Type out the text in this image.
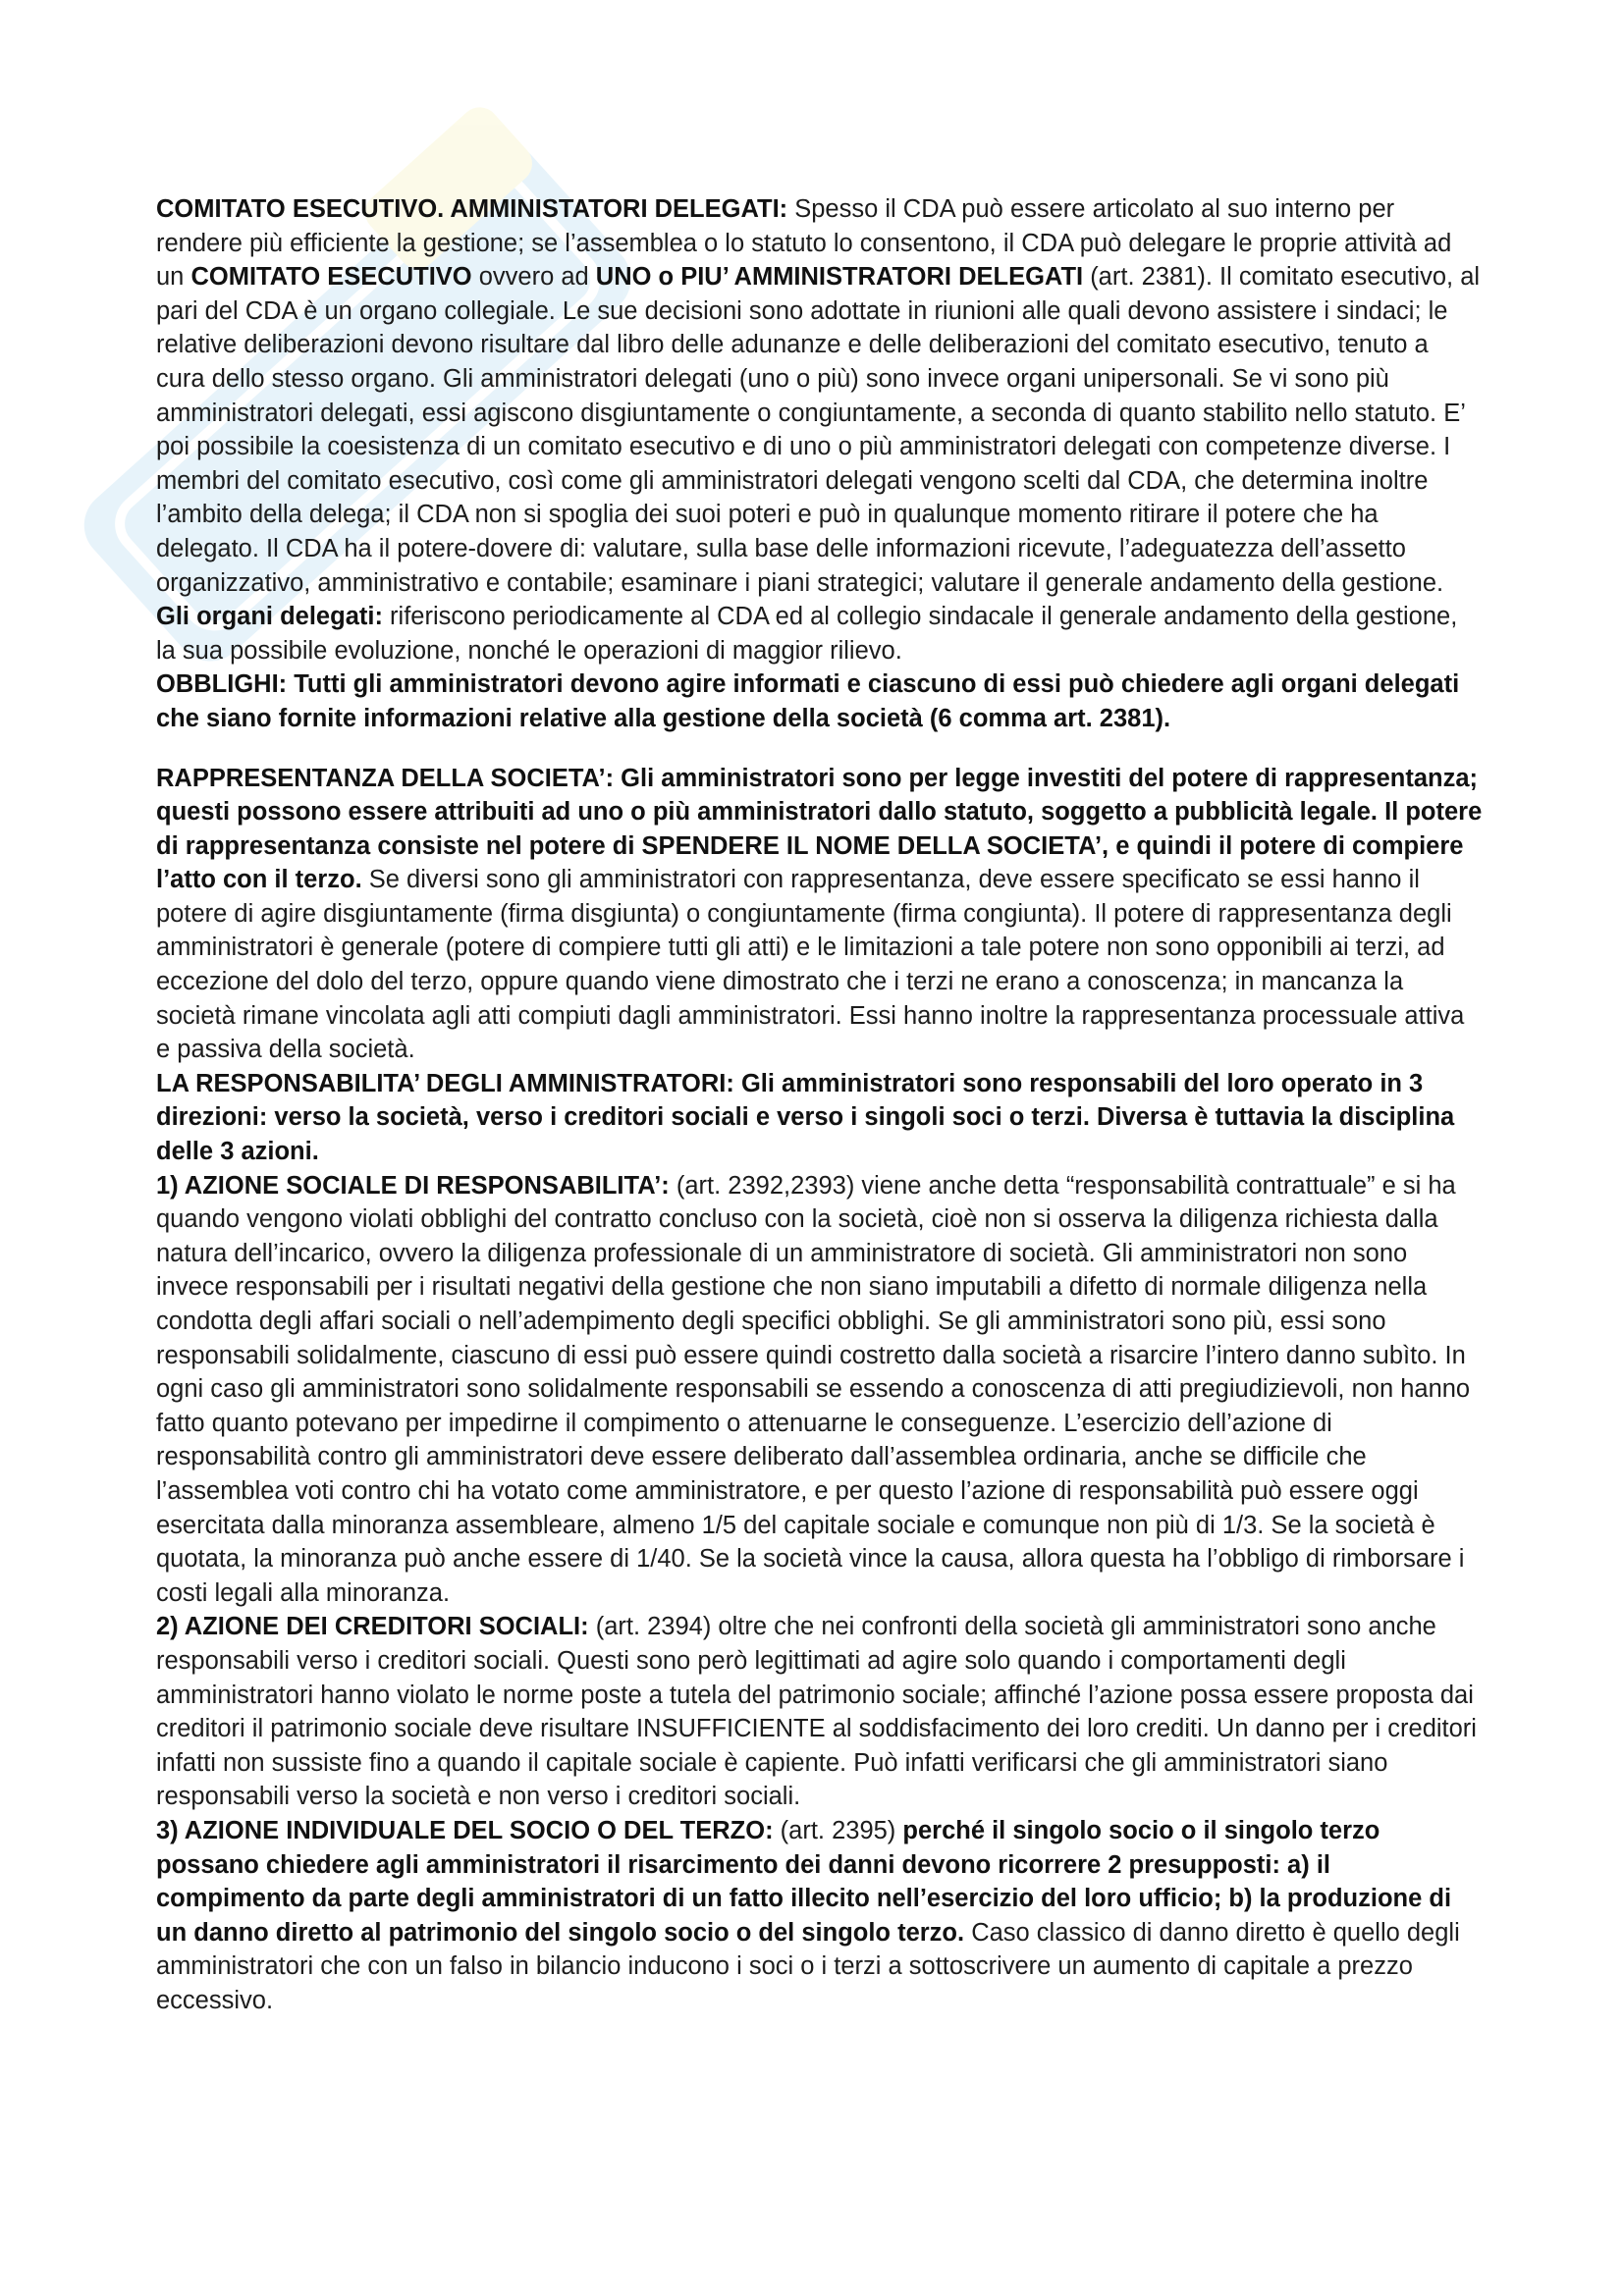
COMITATO ESECUTIVO. AMMINISTATORI DELEGATI: Spesso il CDA può essere articolato al suo interno per rendere più efficiente la gestione; se l’assemblea o lo statuto lo consentono, il CDA può delegare le proprie attività ad un COMITATO ESECUTIVO ovvero ad UNO o PIU’ AMMINISTRATORI DELEGATI (art. 2381). Il comitato esecutivo, al pari del CDA è un organo collegiale. Le sue decisioni sono adottate in riunioni alle quali devono assistere i sindaci; le relative deliberazioni devono risultare dal libro delle adunanze e delle deliberazioni del comitato esecutivo, tenuto a cura dello stesso organo. Gli amministratori delegati (uno o più) sono invece organi unipersonali. Se vi sono più amministratori delegati, essi agiscono disgiuntamente o congiuntamente, a seconda di quanto stabilito nello statuto. E’ poi possibile la coesistenza di un comitato esecutivo e di uno o più amministratori delegati con competenze diverse. I membri del comitato esecutivo, così come gli amministratori delegati vengono scelti dal CDA, che determina inoltre l’ambito della delega; il CDA non si spoglia dei suoi poteri e può in qualunque momento ritirare il potere che ha delegato. Il CDA ha il potere-dovere di: valutare, sulla base delle informazioni ricevute, l’adeguatezza dell’assetto organizzativo, amministrativo e contabile; esaminare i piani strategici; valutare il generale andamento della gestione. Gli organi delegati: riferiscono periodicamente al CDA ed al collegio sindacale il generale andamento della gestione, la sua possibile evoluzione, nonché le operazioni di maggior rilievo.

OBBLIGHI: Tutti gli amministratori devono agire informati e ciascuno di essi può chiedere agli organi delegati che siano fornite informazioni relative alla gestione della società (6 comma art. 2381).

RAPPRESENTANZA DELLA SOCIETA’: Gli amministratori sono per legge investiti del potere di rappresentanza; questi possono essere attribuiti ad uno o più amministratori dallo statuto, soggetto a pubblicità legale. Il potere di rappresentanza consiste nel potere di SPENDERE IL NOME DELLA SOCIETA’, e quindi il potere di compiere l’atto con il terzo. Se diversi sono gli amministratori con rappresentanza, deve essere specificato se essi hanno il potere di agire disgiuntamente (firma disgiunta) o congiuntamente (firma congiunta). Il potere di rappresentanza degli amministratori è generale (potere di compiere tutti gli atti) e le limitazioni a tale potere non sono opponibili ai terzi, ad eccezione del dolo del terzo, oppure quando viene dimostrato che i terzi ne erano a conoscenza; in mancanza la società rimane vincolata agli atti compiuti dagli amministratori. Essi hanno inoltre la rappresentanza processuale attiva e passiva della società.

LA RESPONSABILITA’ DEGLI AMMINISTRATORI: Gli amministratori sono responsabili del loro operato in 3 direzioni: verso la società, verso i creditori sociali e verso i singoli soci o terzi. Diversa è tuttavia la disciplina delle 3 azioni.

1) AZIONE SOCIALE DI RESPONSABILITA’: (art. 2392,2393) viene anche detta “responsabilità contrattuale” e si ha quando vengono violati obblighi del contratto concluso con la società, cioè non si osserva la diligenza richiesta dalla natura dell’incarico, ovvero la diligenza professionale di un amministratore di società. Gli amministratori non sono invece responsabili per i risultati negativi della gestione che non siano imputabili a difetto di normale diligenza nella condotta degli affari sociali o nell’adempimento degli specifici obblighi. Se gli amministratori sono più, essi sono responsabili solidalmente, ciascuno di essi può essere quindi costretto dalla società a risarcire l’intero danno subìto. In ogni caso gli amministratori sono solidalmente responsabili se essendo a conoscenza di atti pregiudizievoli, non hanno fatto quanto potevano per impedirne il compimento o attenuarne le conseguenze. L’esercizio dell’azione di responsabilità contro gli amministratori deve essere deliberato dall’assemblea ordinaria, anche se difficile che l’assemblea voti contro chi ha votato come amministratore, e per questo l’azione di responsabilità può essere oggi esercitata dalla minoranza assembleare, almeno 1/5 del capitale sociale e comunque non più di 1/3. Se la società è quotata, la minoranza può anche essere di 1/40. Se la società vince la causa, allora questa ha l’obbligo di rimborsare i costi legali alla minoranza.

2) AZIONE DEI CREDITORI SOCIALI: (art. 2394) oltre che nei confronti della società gli amministratori sono anche responsabili verso i creditori sociali. Questi sono però legittimati ad agire solo quando i comportamenti degli amministratori hanno violato le norme poste a tutela del patrimonio sociale; affinché l’azione possa essere proposta dai creditori il patrimonio sociale deve risultare INSUFFICIENTE al soddisfacimento dei loro crediti. Un danno per i creditori infatti non sussiste fino a quando il capitale sociale è capiente. Può infatti verificarsi che gli amministratori siano responsabili verso la società e non verso i creditori sociali.

3) AZIONE INDIVIDUALE DEL SOCIO O DEL TERZO: (art. 2395) perché il singolo socio o il singolo terzo possano chiedere agli amministratori il risarcimento dei danni devono ricorrere 2 presupposti: a) il compimento da parte degli amministratori di un fatto illecito nell’esercizio del loro ufficio; b) la produzione di un danno diretto al patrimonio del singolo socio o del singolo terzo. Caso classico di danno diretto è quello degli amministratori che con un falso in bilancio inducono i soci o i terzi a sottoscrivere un aumento di capitale a prezzo eccessivo.
